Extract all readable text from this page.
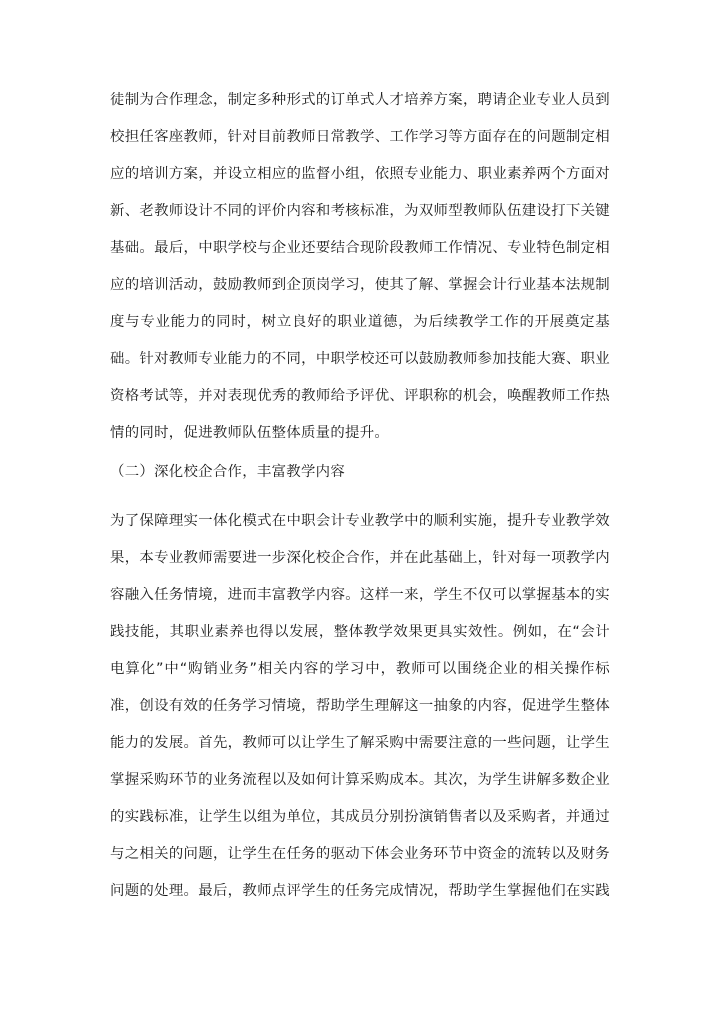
徒制为合作理念，制定多种形式的订单式人才培养方案，聘请企业专业人员到
校担任客座教师，针对目前教师日常教学、工作学习等方面存在的问题制定相
应的培训方案，并设立相应的监督小组，依照专业能力、职业素养两个方面对
新、老教师设计不同的评价内容和考核标准，为双师型教师队伍建设打下关键
基础。最后，中职学校与企业还要结合现阶段教师工作情况、专业特色制定相
应的培训活动，鼓励教师到企顶岗学习，使其了解、掌握会计行业基本法规制
度与专业能力的同时，树立良好的职业道德，为后续教学工作的开展奠定基
础。针对教师专业能力的不同，中职学校还可以鼓励教师参加技能大赛、职业
资格考试等，并对表现优秀的教师给予评优、评职称的机会，唤醒教师工作热
情的同时，促进教师队伍整体质量的提升。
（二）深化校企合作，丰富教学内容
为了保障理实一体化模式在中职会计专业教学中的顺利实施，提升专业教学效
果，本专业教师需要进一步深化校企合作，并在此基础上，针对每一项教学内
容融入任务情境，进而丰富教学内容。这样一来，学生不仅可以掌握基本的实
践技能，其职业素养也得以发展，整体教学效果更具实效性。例如，在“会计
电算化”中“购销业务”相关内容的学习中，教师可以围绕企业的相关操作标
准，创设有效的任务学习情境，帮助学生理解这一抽象的内容，促进学生整体
能力的发展。首先，教师可以让学生了解采购中需要注意的一些问题，让学生
掌握采购环节的业务流程以及如何计算采购成本。其次，为学生讲解多数企业
的实践标准，让学生以组为单位，其成员分别扮演销售者以及采购者，并通过
与之相关的问题，让学生在任务的驱动下体会业务环节中资金的流转以及财务
问题的处理。最后，教师点评学生的任务完成情况，帮助学生掌握他们在实践
